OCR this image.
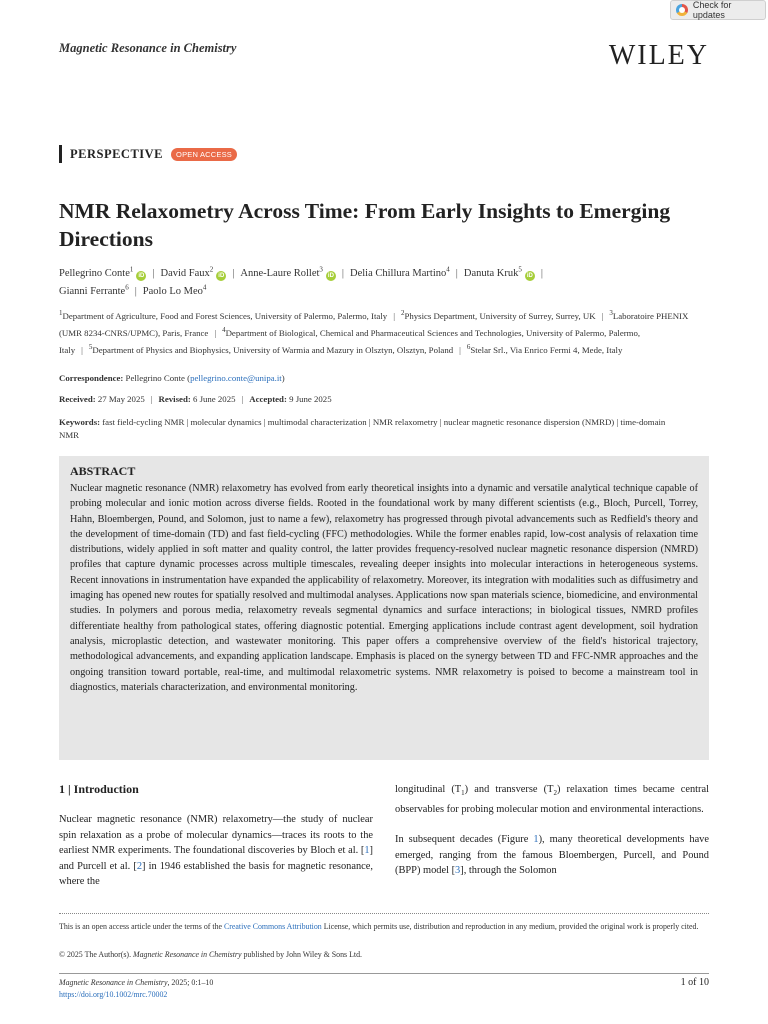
Check for updates
Magnetic Resonance in Chemistry	WILEY
PERSPECTIVE	OPEN ACCESS
NMR Relaxometry Across Time: From Early Insights to Emerging Directions
Pellegrino Conte$^1$iD | David Faux$^2$iD | Anne-Laure Rollet$^3$iD | Delia Chillura Martino$^4$ | Danuta Kruk$^5$iD |
Gianni Ferrante$^6$ | Paolo Lo Meo$^4$
$^1$Department of Agriculture, Food and Forest Sciences, University of Palermo, Palermo, Italy | $^2$Physics Department, University of Surrey, Surrey, UK | $^3$Laboratoire PHENIX (UMR 8234-CNRS/UPMC), Paris, France | $^4$Department of Biological, Chemical and Pharmaceutical Sciences and Technologies, University of Palermo, Palermo, Italy | $^5$Department of Physics and Biophysics, University of Warmia and Mazury in Olsztyn, Olsztyn, Poland | $^6$Stelar Srl., Via Enrico Fermi 4, Mede, Italy
Correspondence: Pellegrino Conte (pellegrino.conte@unipa.it)
Received: 27 May 2025 | Revised: 6 June 2025 | Accepted: 9 June 2025
Keywords: fast field-cycling NMR | molecular dynamics | multimodal characterization | NMR relaxometry | nuclear magnetic resonance dispersion (NMRD) | time-domain NMR
ABSTRACT
Nuclear magnetic resonance (NMR) relaxometry has evolved from early theoretical insights into a dynamic and versatile analytical technique capable of probing molecular and ionic motion across diverse fields. Rooted in the foundational work by many different scientists (e.g., Bloch, Purcell, Torrey, Hahn, Bloembergen, Pound, and Solomon, just to name a few), relaxometry has progressed through pivotal advancements such as Redfield's theory and the development of time-domain (TD) and fast field-cycling (FFC) methodologies. While the former enables rapid, low-cost analysis of relaxation time distributions, widely applied in soft matter and quality control, the latter provides frequency-resolved nuclear magnetic resonance dispersion (NMRD) profiles that capture dynamic processes across multiple timescales, revealing deeper insights into molecular interactions in heterogeneous systems. Recent innovations in instrumentation have expanded the applicability of relaxometry. Moreover, its integration with modalities such as diffusimetry and imaging has opened new routes for spatially resolved and multimodal analyses. Applications now span materials science, biomedicine, and environmental studies. In polymers and porous media, relaxometry reveals segmental dynamics and surface interactions; in biological tissues, NMRD profiles differentiate healthy from pathological states, offering diagnostic potential. Emerging applications include contrast agent development, soil hydration analysis, microplastic detection, and wastewater monitoring. This paper offers a comprehensive overview of the field's historical trajectory, methodological advancements, and expanding application landscape. Emphasis is placed on the synergy between TD and FFC-NMR approaches and the ongoing transition toward portable, real-time, and multimodal relaxometric systems. NMR relaxometry is poised to become a mainstream tool in diagnostics, materials characterization, and environmental monitoring.
1 | Introduction
Nuclear magnetic resonance (NMR) relaxometry—the study of nuclear spin relaxation as a probe of molecular dynamics—traces its roots to the earliest NMR experiments. The foundational discoveries by Bloch et al. [1] and Purcell et al. [2] in 1946 established the basis for magnetic resonance, where the

longitudinal $(T_1)$ and transverse $(T_2)$ relaxation times became central observables for probing molecular motion and environmental interactions.

In subsequent decades (Figure 1), many theoretical developments have emerged, ranging from the famous Bloembergen, Purcell, and Pound (BPP) model [3], through the Solomon

This is an open access article under the terms of the Creative Commons Attribution License, which permits use, distribution and reproduction in any medium, provided the original work is properly cited.
© 2025 The Author(s). Magnetic Resonance in Chemistry published by John Wiley & Sons Ltd.
Magnetic Resonance in Chemistry, 2025; 0:1–10
https://doi.org/10.1002/mrc.70002
1 of 10
